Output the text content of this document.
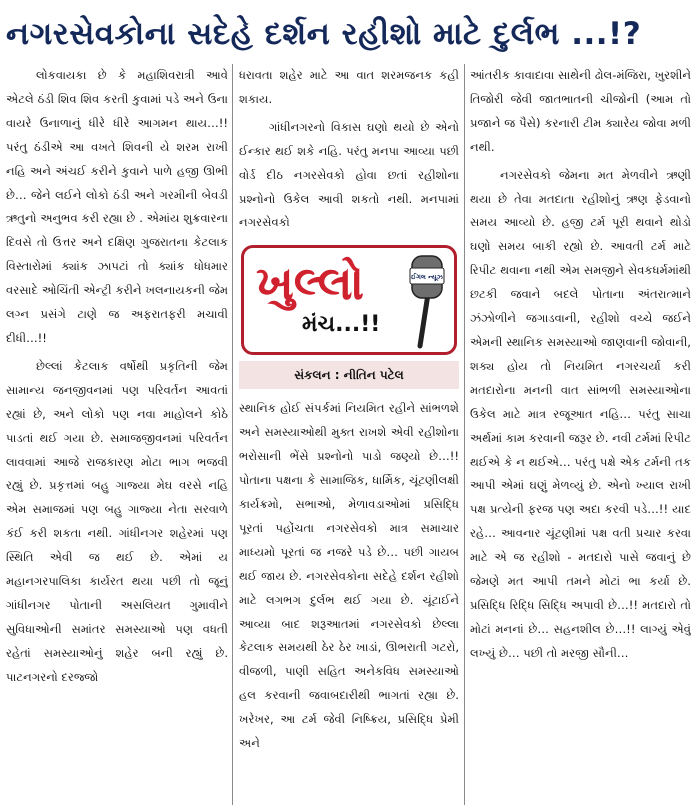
નગરસેવકોના સદેહે દર્શન રહીશો માટે દુર્લભ ...!?

લોકવાયકા છે કે મહાશિવરાત્રી આવે એટલે ઠંડી શિવ શિવ કરતી કુવામાં પડે અને ઉના વાયરે ઉનાળાનું ધીરે ધીરે આગમન થાય…!! પરંતુ ઠંડીએ આ વખતે શિવની યે શરમ રાખી નહિ અને અંચઈ કરીને કુવાને પાળે હજી ઊભી છે… જેને લઈને લોકો ઠંડી અને ગરમીની બેવડી ઋતુનો અનુભવ કરી રહ્યા છે . એમાંય શુક્રવારના દિવસે તો ઉત્તર અને દક્ષિણ ગુજરાતના કેટલાક વિસ્તારોમાં ક્યાંક ઝાપટાં તો ક્યાંક ધોધમાર વરસાદે ઓચિંતી એન્ટ્રી કરીને ખલનાયકની જેમ લગ્ન પ્રસંગે ટાણે જ અફરાતફરી મચાવી દીધી…!!

છેલ્લાં કેટલાક વર્ષોથી પ્રકૃતિની જેમ સામાન્ય જનજીવનમાં પણ પરિવર્તન આવતાં રહ્યાં છે, અને લોકો પણ નવા માહોલને કોઠે પાડતાં થઈ ગયા છે. સમાજજીવનમાં પરિવર્તન લાવવામાં આજે રાજકારણ મોટા ભાગ ભજવી રહ્યું છે. પ્રકૃત્તમાં બહુ ગાજ્યા મેઘ વરસે નહિ એમ સમાજમાં પણ બહુ ગાજ્યા નેતા સરવાળે કંઈ કરી શકતા નથી. ગાંધીનગર શહેરમાં પણ સ્થિતિ એવી જ થઈ છે. એમાં ય મહાનગરપાલિકા કાર્યરત થયા પછી તો જૂનું ગાંધીનગર પોતાની અસલિયત ગુમાવીને સુવિધાઓની સમાંતર સમસ્યાઓ પણ વધતી રહેતાં સમસ્યાઓનું શહેર બની રહ્યું છે. પાટનગરનો દરજ્જો

ધરાવતા શહેર માટે આ વાત શરમજનક કહી શકાય.

ગાંધીનગરનો વિકાસ ઘણો થયો છે એનો ઈન્કાર થઈ શકે નહિ. પરંતુ મનપા આવ્યા પછી વોર્ડ દીઠ નગરસેવકો હોવા છતાં રહીશોના પ્રશ્નોનો ઉકેલ આવી શકતો નથી. મનપામાં નગરસેવકો

ખુલ્લો
મંચ...!!
ઈગલ ન્યૂઝ
સંકલન : નીતિન પટેલ

સ્થાનિક હોઈ સંપર્કમાં નિયમિત રહીને સાંભળશે અને સમસ્યાઓથી મુક્ત રાખશે એવી રહીશોના ભરોસાની ભેંસે પ્રશ્નોનો પાડો જણ્યો છે…!! પોતાના પક્ષના કે સામાજિક, ધાર્મિક, ચૂંટણીલક્ષી કાર્યક્રમો, સભાઓ, મેળાવડાઓમાં પ્રસિદ્ધિ પૂરતાં પહોંચતા નગરસેવકો માત્ર સમાચાર માધ્યમો પૂરતાં જ નજરે પડે છે… પછી ગાયબ થઈ જાય છે. નગરસેવકોના સદેહે દર્શન રહીશો માટે લગભગ દુર્લભ થઈ ગયા છે. ચૂંટાઈને આવ્યા બાદ શરૂઆતમાં નગરસેવકો છેલ્લા કેટલાક સમયથી ઠેર ઠેર ખાડાં, ઊભરાતી ગટરો, વીજળી, પાણી સહિત અનેકવિધ સમસ્યાઓ હલ કરવાની જવાબદારીથી ભાગતાં રહ્યા છે. ખરેખર, આ ટર્મ જેવી નિષ્ક્રિય, પ્રસિદ્ધિ પ્રેમી અને

આંતરીક કાવાદાવા સાથેની ઢોલ-મંજિરા, ખુરશીને તિજોરી જેવી જાતભાતની ચીજોની (આમ તો પ્રજાને જ પૈસે) કરનારી ટીમ ક્યારેય જોવા મળી નથી.

નગરસેવકો જેમના મત મેળવીને ઋણી થયા છે તેવા મતદાતા રહીશોનું ઋણ ફેડવાનો સમય આવ્યો છે. હજી ટર્મ પૂરી થવાને થોડો ઘણો સમય બાકી રહ્યો છે. આવતી ટર્મ માટે રિપીટ થવાના નથી એમ સમજીને સેવકધર્મમાંથી છટકી જવાને બદલે પોતાના અંતરાત્માને ઝંઝોળીને જગાડવાની, રહીશો વચ્ચે જઈને એમની સ્થાનિક સમસ્યાઓ જાણવાની જોવાની, શક્ય હોય તો નિયમિત નગરચર્યા કરી મતદારોના મનની વાત સાંભળી સમસ્યાઓના ઉકેલ માટે માત્ર રજૂઆત નહિ… પરંતુ સાચા અર્થમાં કામ કરવાની જરૂર છે. નવી ટર્મમાં રિપીટ થઈએ કે ન થઈએ… પરંતુ પક્ષે એક ટર્મની તક આપી એમાં ઘણું મેળવ્યું છે. એનો ખ્યાલ રાખી પક્ષ પ્રત્યેની ફરજ પણ અદા કરવી પડે…!! યાદ રહે… આવનાર ચૂંટણીમાં પક્ષ વતી પ્રચાર કરવા માટે એ જ રહીશો - મતદારો પાસે જવાનું છે જેમણે મત આપી તમને મોટાં ભા કર્યા છે. પ્રસિદ્ધિ રિદ્ધિ સિદ્ધિ અપાવી છે…!! મતદારો તો મોટાં મનનાં છે… સહનશીલ છે…!! લાગ્યું એવું લખ્યું છે… પછી તો મરજી સૌની…
